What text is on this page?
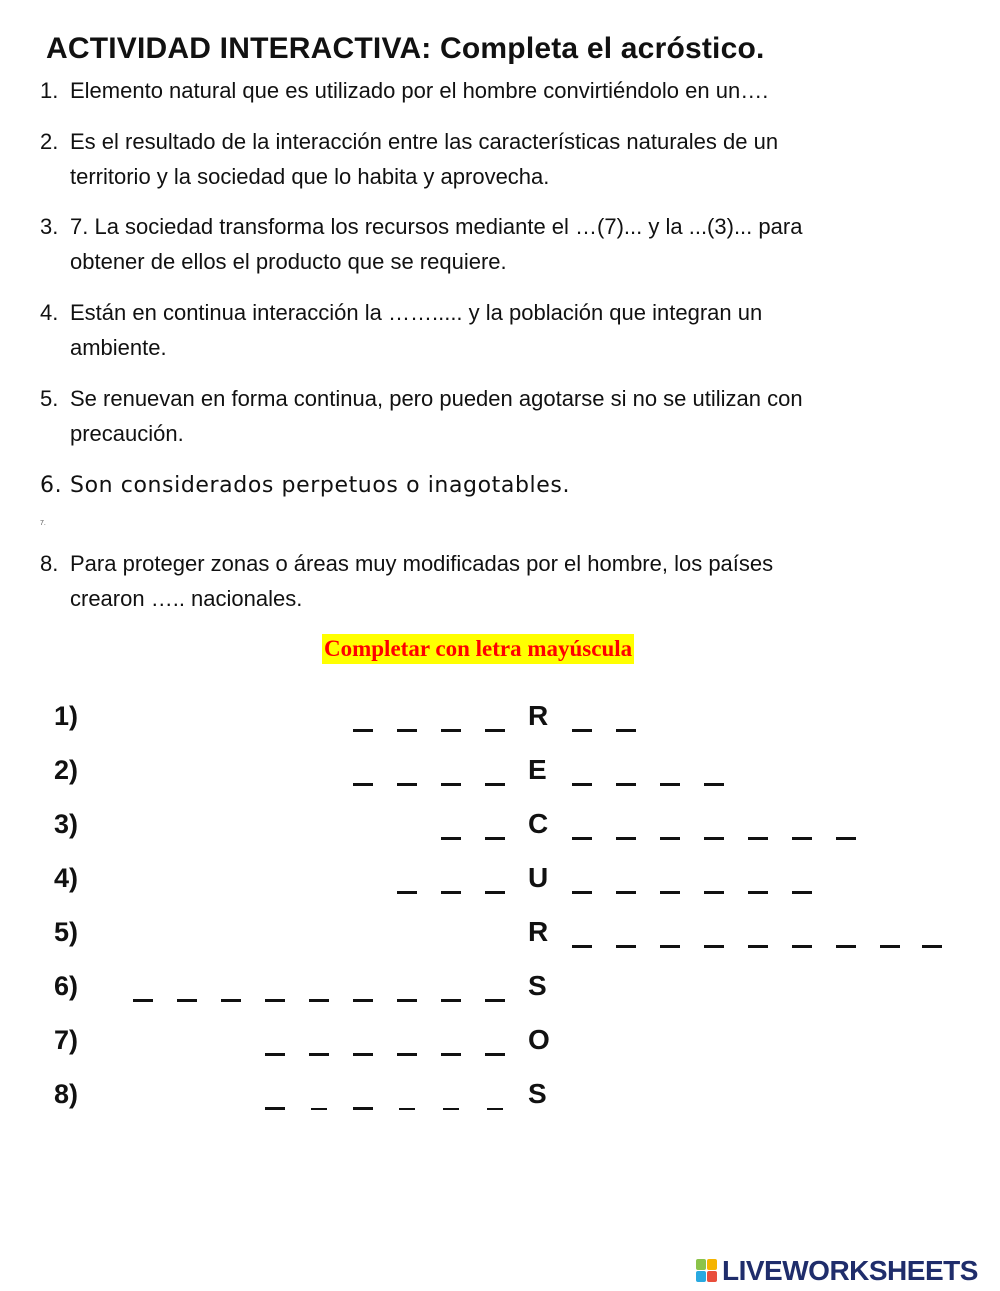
ACTIVIDAD INTERACTIVA: Completa el acróstico.
1. Elemento natural que es utilizado por el hombre convirtiéndolo en un….
2. Es el resultado de la interacción entre las características naturales de un
territorio y la sociedad que lo habita y aprovecha.
3. 7. La sociedad transforma los recursos mediante el …(7)... y la ...(3)... para
obtener de ellos el producto que se requiere.
4. Están en continua interacción la ……..... y la población que integran un
ambiente.
5. Se renuevan en forma continua, pero pueden agotarse si no se utilizan con
precaución.
6. Son considerados perpetuos o inagotables.
7.
8. Para proteger zonas o áreas muy modificadas por el hombre, los países
crearon ….. nacionales.
Completar con letra mayúscula
1)	R
2)	E
3)	C
4)	U
5)	R
6)	S
7)	O
8)	S
LIVEWORKSHEETS
